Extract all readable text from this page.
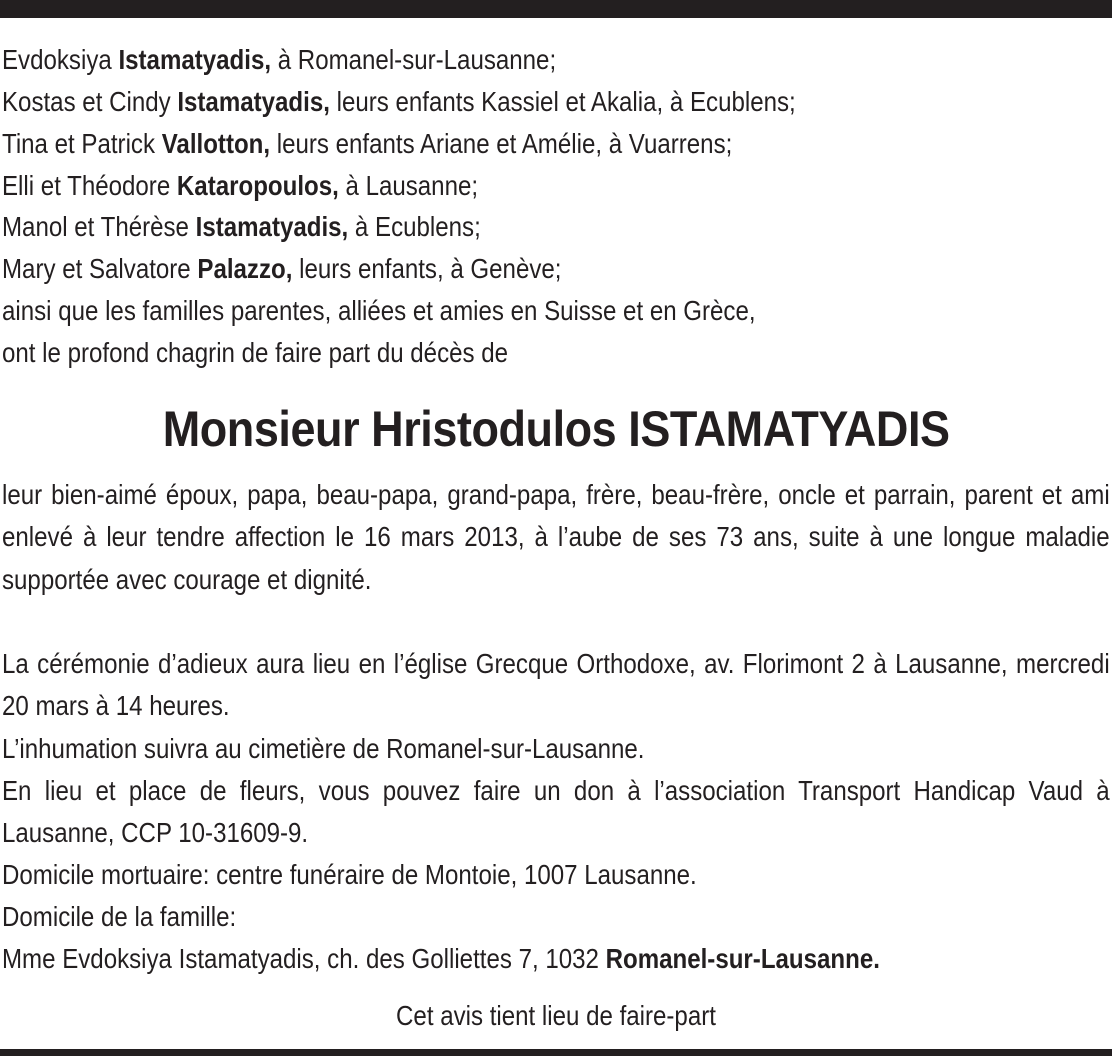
Evdoksiya Istamatyadis, à Romanel-sur-Lausanne;
Kostas et Cindy Istamatyadis, leurs enfants Kassiel et Akalia, à Ecublens;
Tina et Patrick Vallotton, leurs enfants Ariane et Amélie, à Vuarrens;
Elli et Théodore Kataropoulos, à Lausanne;
Manol et Thérèse Istamatyadis, à Ecublens;
Mary et Salvatore Palazzo, leurs enfants, à Genève;
ainsi que les familles parentes, alliées et amies en Suisse et en Grèce,
ont le profond chagrin de faire part du décès de
Monsieur Hristodulos ISTAMATYADIS
leur bien-aimé époux, papa, beau-papa, grand-papa, frère, beau-frère, oncle et parrain, parent et ami enlevé à leur tendre affection le 16 mars 2013, à l’aube de ses 73 ans, suite à une longue maladie supportée avec courage et dignité.
La cérémonie d’adieux aura lieu en l’église Grecque Orthodoxe, av. Florimont 2 à Lausanne, mercredi 20 mars à 14 heures.
L’inhumation suivra au cimetière de Romanel-sur-Lausanne.
En lieu et place de fleurs, vous pouvez faire un don à l’association Transport Handicap Vaud à Lausanne, CCP 10-31609-9.
Domicile mortuaire: centre funéraire de Montoie, 1007 Lausanne.
Domicile de la famille:
Mme Evdoksiya Istamatyadis, ch. des Golliettes 7, 1032 Romanel-sur-Lausanne.
Cet avis tient lieu de faire-part
